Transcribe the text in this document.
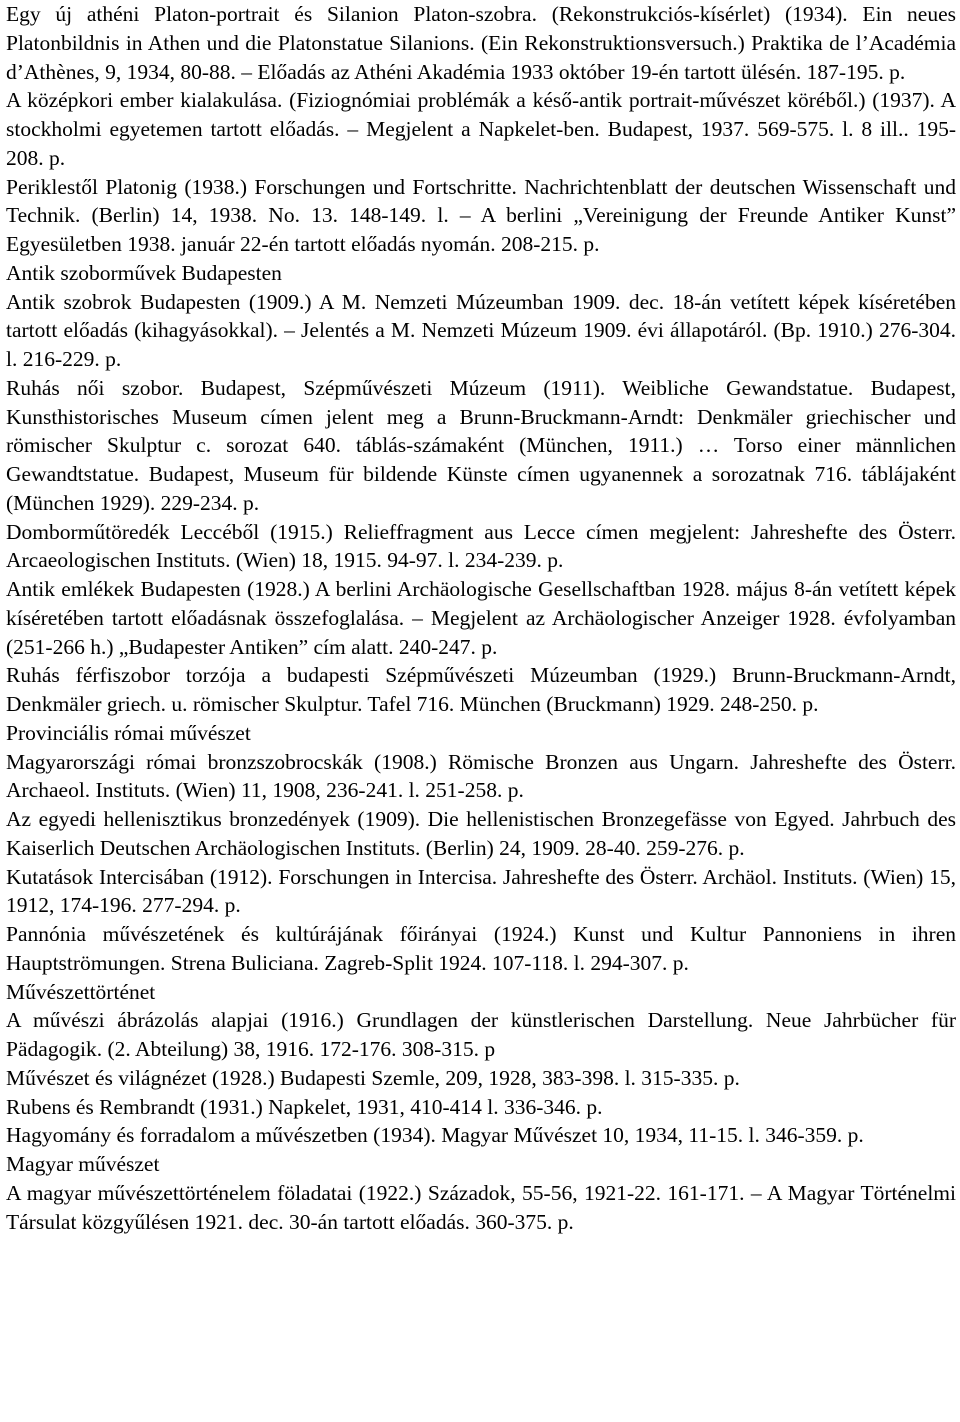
Egy új athéni Platon-portrait és Silanion Platon-szobra. (Rekonstrukciós-kísérlet) (1934). Ein neues Platonbildnis in Athen und die Platonstatue Silanions. (Ein Rekonstruktionsversuch.) Praktika de l’Académia d’Athènes, 9, 1934, 80-88. – Előadás az Athéni Akadémia 1933 október 19-én tartott ülésén. 187-195. p.

A középkori ember kialakulása. (Fiziognómiai problémák a késő-antik portrait-művészet köréből.) (1937). A stockholmi egyetemen tartott előadás. – Megjelent a Napkelet-ben. Budapest, 1937. 569-575. l. 8 ill.. 195-208. p.

Periklestől Platonig (1938.) Forschungen und Fortschritte. Nachrichtenblatt der deutschen Wissenschaft und Technik. (Berlin) 14, 1938. No. 13. 148-149. l. – A berlini „Vereinigung der Freunde Antiker Kunst” Egyesületben 1938. január 22-én tartott előadás nyomán. 208-215. p.

Antik szoborművek Budapesten

Antik szobrok Budapesten (1909.) A M. Nemzeti Múzeumban 1909. dec. 18-án vetített képek kíséretében tartott előadás (kihagyásokkal). – Jelentés a M. Nemzeti Múzeum 1909. évi állapotáról. (Bp. 1910.) 276-304. l. 216-229. p.

Ruhás női szobor. Budapest, Szépművészeti Múzeum (1911). Weibliche Gewandstatue. Budapest, Kunsthistorisches Museum címen jelent meg a Brunn-Bruckmann-Arndt: Denkmäler griechischer und römischer Skulptur c. sorozat 640. táblás-számaként (München, 1911.) … Torso einer männlichen Gewandtstatue. Budapest, Museum für bildende Künste címen ugyanennek a sorozatnak 716. táblájaként (München 1929). 229-234. p.

Domborműtöredék Leccéből (1915.) Relieffragment aus Lecce címen megjelent: Jahreshefte des Österr. Arcaeologischen Instituts. (Wien) 18, 1915. 94-97. l. 234-239. p.

Antik emlékek Budapesten (1928.) A berlini Archäologische Gesellschaftban 1928. május 8-án vetített képek kíséretében tartott előadásnak összefoglalása. – Megjelent az Archäologischer Anzeiger 1928. évfolyamban (251-266 h.) „Budapester Antiken” cím alatt. 240-247. p.

Ruhás férfiszobor torzója a budapesti Szépművészeti Múzeumban (1929.) Brunn-Bruckmann-Arndt, Denkmäler griech. u. römischer Skulptur. Tafel 716. München (Bruckmann) 1929. 248-250. p.

Provinciális római művészet

Magyarországi római bronzszobrocskák (1908.) Römische Bronzen aus Ungarn. Jahreshefte des Österr. Archaeol. Instituts. (Wien) 11, 1908, 236-241. l. 251-258. p.

Az egyedi hellenisztikus bronzedények (1909). Die hellenistischen Bronzegefässe von Egyed. Jahrbuch des Kaiserlich Deutschen Archäologischen Instituts. (Berlin) 24, 1909. 28-40. 259-276. p.

Kutatások Intercisában (1912). Forschungen in Intercisa. Jahreshefte des Österr. Archäol. Instituts. (Wien) 15, 1912, 174-196. 277-294. p.

Pannónia művészetének és kultúrájának főirányai (1924.) Kunst und Kultur Pannoniens in ihren Hauptströmungen. Strena Buliciana. Zagreb-Split 1924. 107-118. l. 294-307. p.

Művészettörténet

A művészi ábrázolás alapjai (1916.) Grundlagen der künstlerischen Darstellung. Neue Jahrbücher für Pädagogik. (2. Abteilung) 38, 1916. 172-176. 308-315. p

Művészet és világnézet (1928.) Budapesti Szemle, 209, 1928, 383-398. l. 315-335. p.

Rubens és Rembrandt (1931.) Napkelet, 1931, 410-414 l. 336-346. p.

Hagyomány és forradalom a művészetben (1934). Magyar Művészet 10, 1934, 11-15. l. 346-359. p.

Magyar művészet

A magyar művészettörténelem föladatai (1922.) Századok, 55-56, 1921-22. 161-171. – A Magyar Történelmi Társulat közgyűlésen 1921. dec. 30-án tartott előadás. 360-375. p.
